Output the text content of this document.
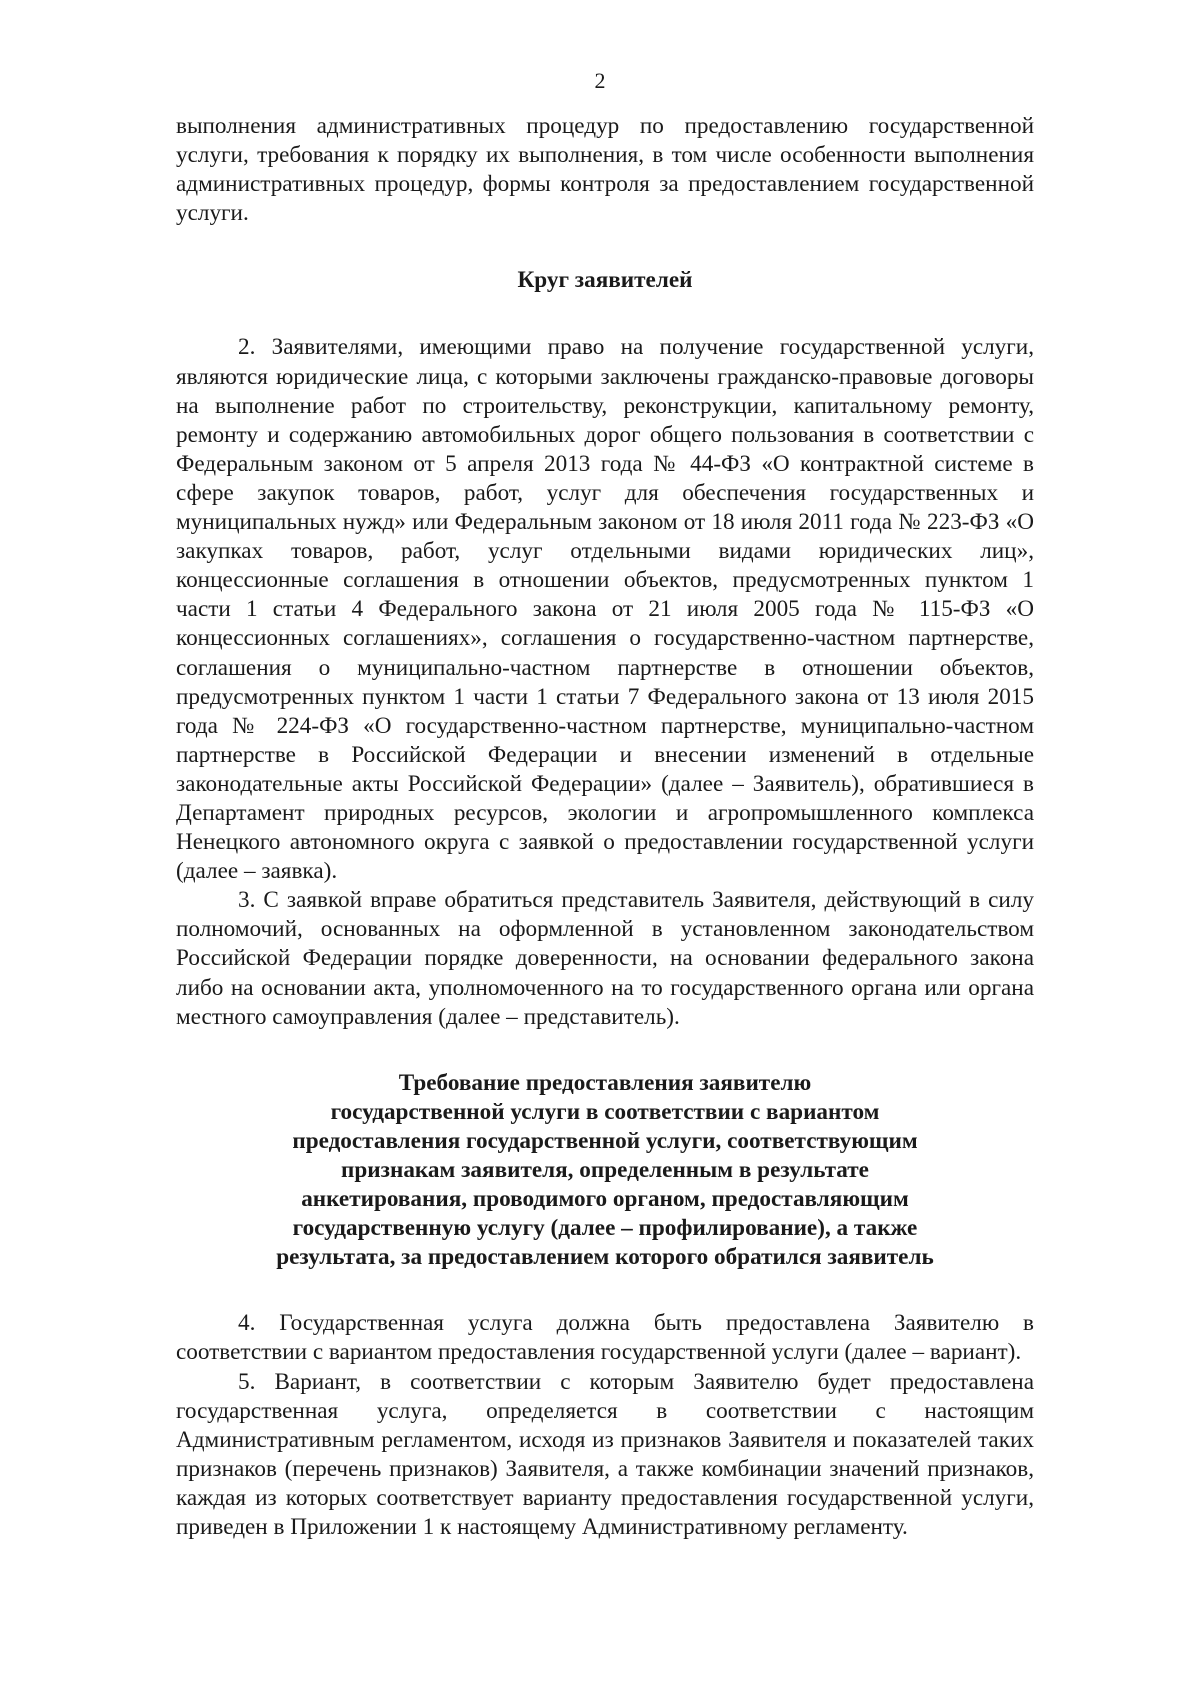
2

выполнения административных процедур по предоставлению государственной услуги, требования к порядку их выполнения, в том числе особенности выполнения административных процедур, формы контроля за предоставлением государственной услуги.

Круг заявителей

2. Заявителями, имеющими право на получение государственной услуги, являются юридические лица, с которыми заключены гражданско-правовые договоры на выполнение работ по строительству, реконструкции, капитальному ремонту, ремонту и содержанию автомобильных дорог общего пользования в соответствии с Федеральным законом от 5 апреля 2013 года № 44-ФЗ «О контрактной системе в сфере закупок товаров, работ, услуг для обеспечения государственных и муниципальных нужд» или Федеральным законом от 18 июля 2011 года № 223-ФЗ «О закупках товаров, работ, услуг отдельными видами юридических лиц», концессионные соглашения в отношении объектов, предусмотренных пунктом 1 части 1 статьи 4 Федерального закона от 21 июля 2005 года № 115-ФЗ «О концессионных соглашениях», соглашения о государственно-частном партнерстве, соглашения о муниципально-частном партнерстве в отношении объектов, предусмотренных пунктом 1 части 1 статьи 7 Федерального закона от 13 июля 2015 года № 224-ФЗ «О государственно-частном партнерстве, муниципально-частном партнерстве в Российской Федерации и внесении изменений в отдельные законодательные акты Российской Федерации» (далее – Заявитель), обратившиеся в Департамент природных ресурсов, экологии и агропромышленного комплекса Ненецкого автономного округа с заявкой о предоставлении государственной услуги (далее – заявка).

3. С заявкой вправе обратиться представитель Заявителя, действующий в силу полномочий, основанных на оформленной в установленном законодательством Российской Федерации порядке доверенности, на основании федерального закона либо на основании акта, уполномоченного на то государственного органа или органа местного самоуправления (далее – представитель).

Требование предоставления заявителю
государственной услуги в соответствии с вариантом
предоставления государственной услуги, соответствующим
признакам заявителя, определенным в результате
анкетирования, проводимого органом, предоставляющим
государственную услугу (далее – профилирование), а также
результата, за предоставлением которого обратился заявитель

4. Государственная услуга должна быть предоставлена Заявителю в соответствии с вариантом предоставления государственной услуги (далее – вариант).

5. Вариант, в соответствии с которым Заявителю будет предоставлена государственная услуга, определяется в соответствии с настоящим Административным регламентом, исходя из признаков Заявителя и показателей таких признаков (перечень признаков) Заявителя, а также комбинации значений признаков, каждая из которых соответствует варианту предоставления государственной услуги, приведен в Приложении 1 к настоящему Административному регламенту.
